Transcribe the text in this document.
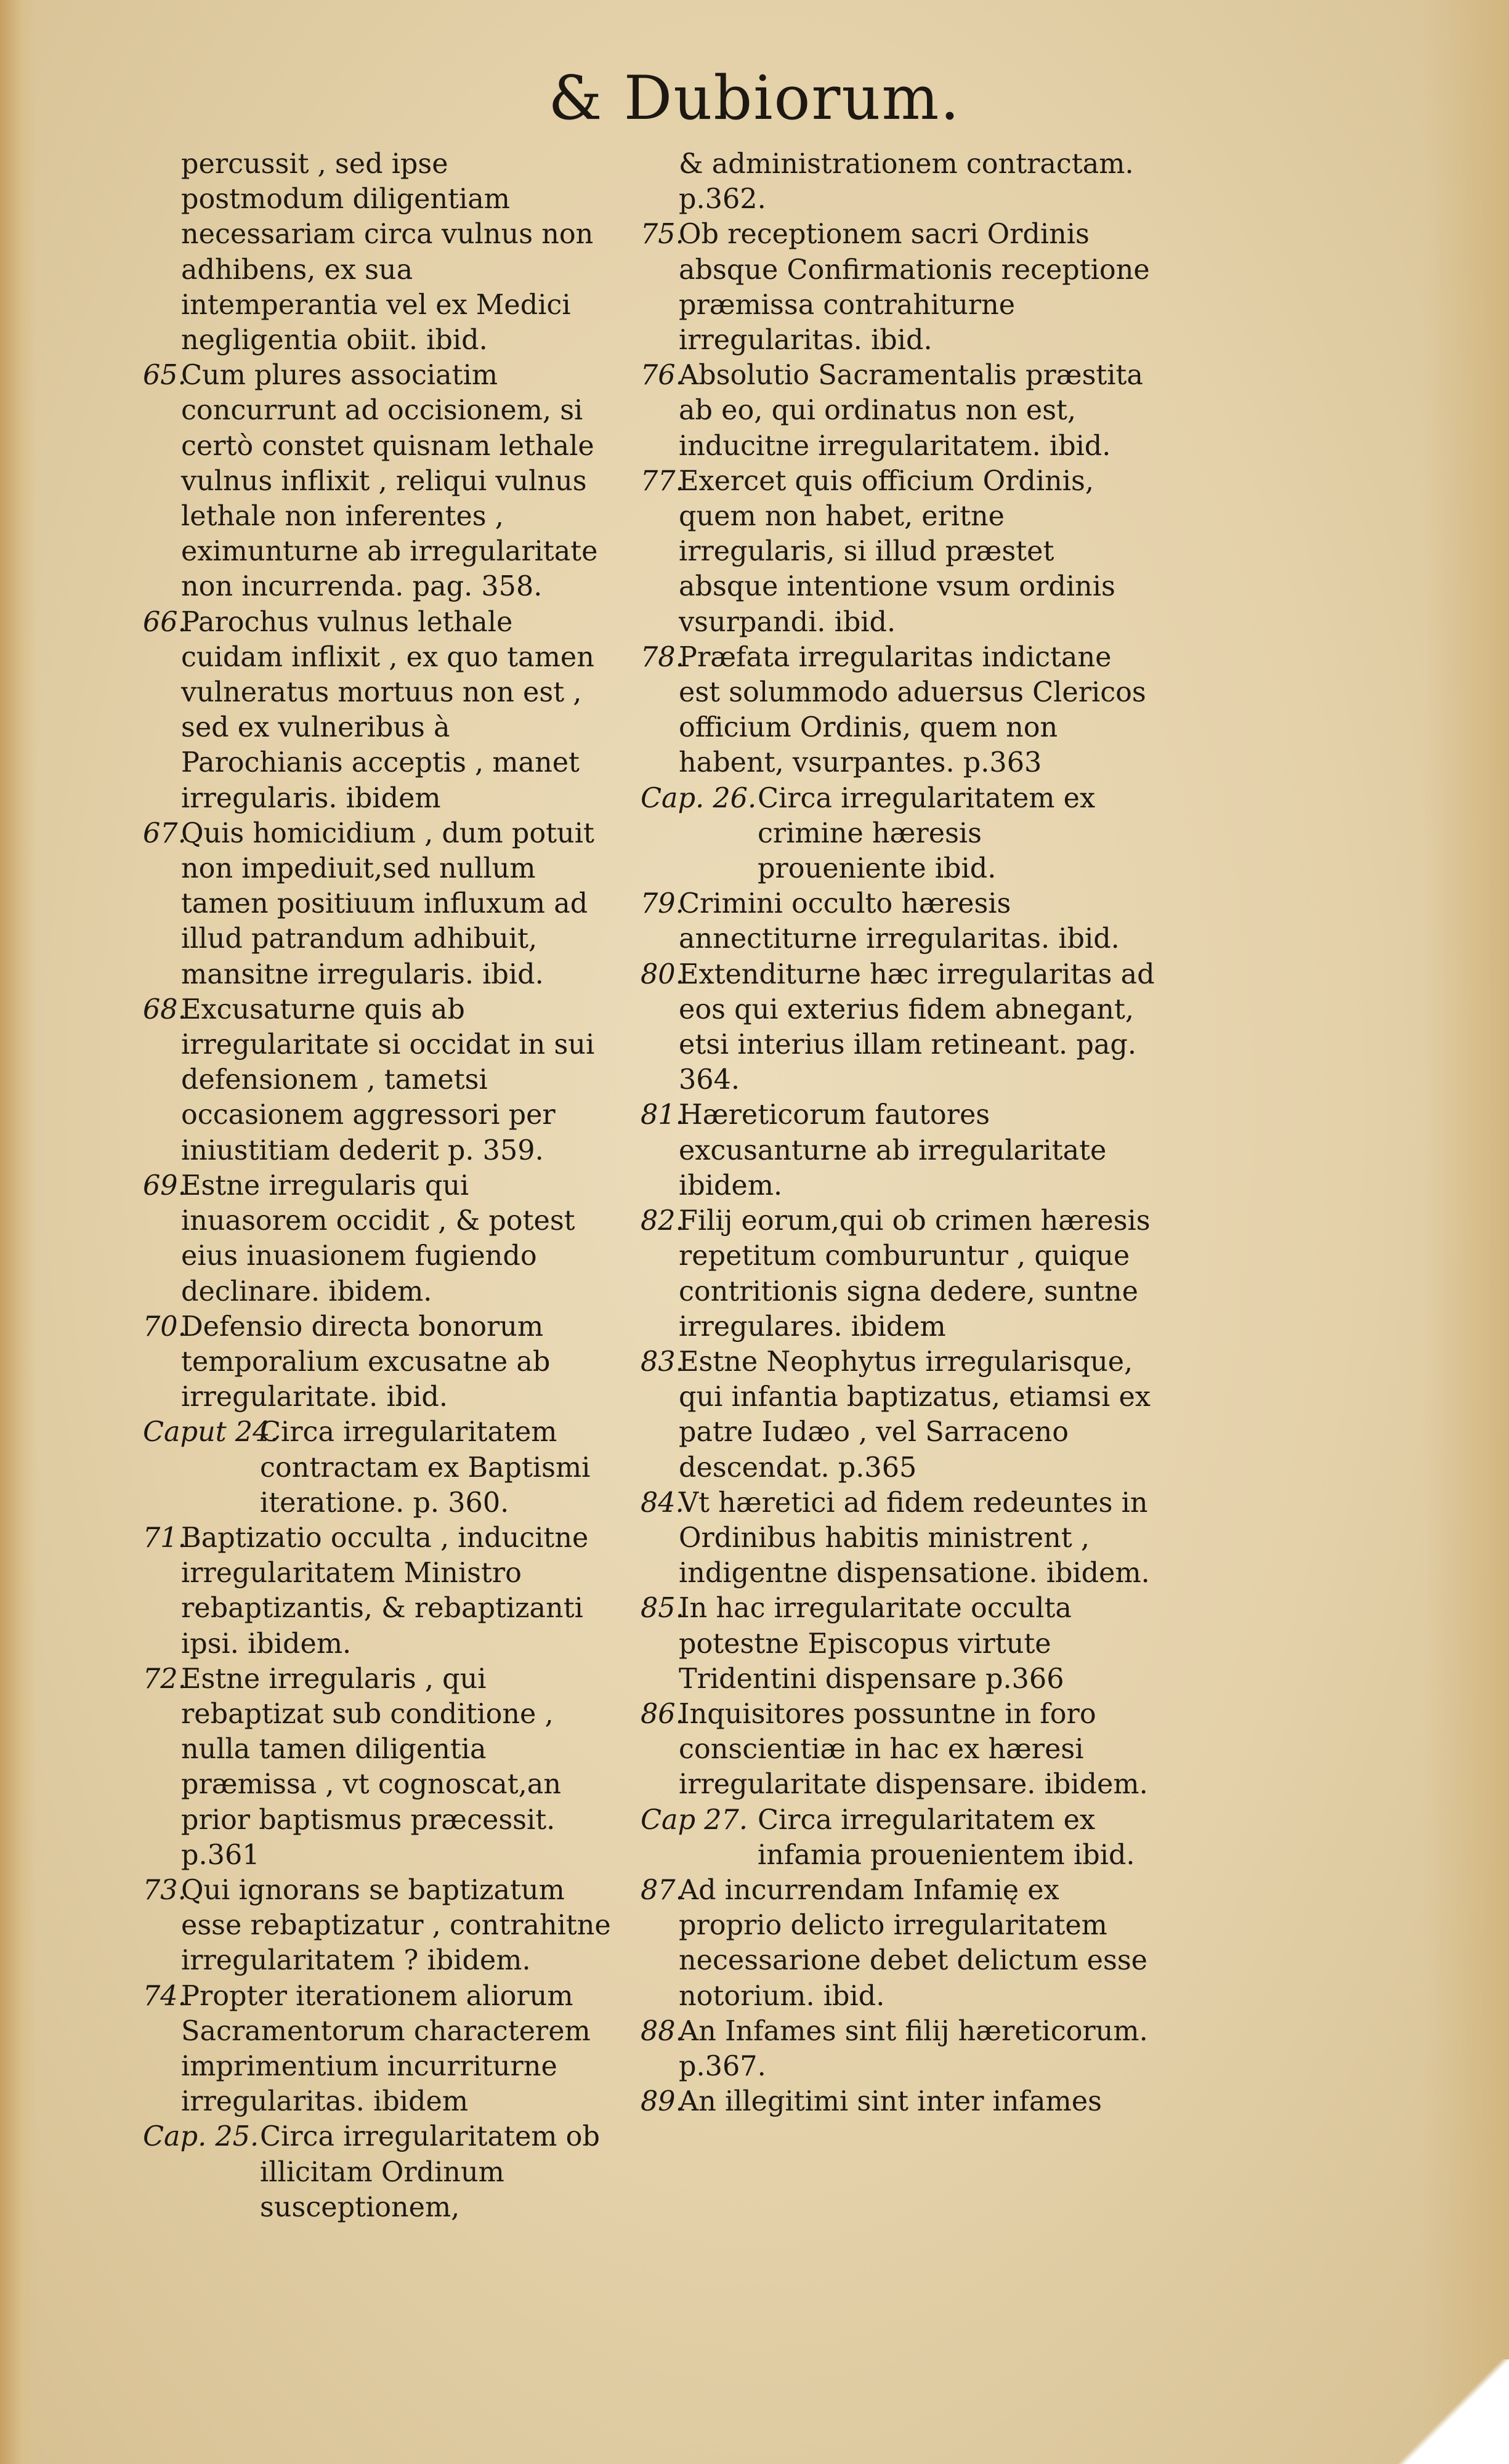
& Dubiorum.
percussit , sed ipse postmodum diligentiam necessariam circa vulnus non adhibens, ex sua intemperantia vel ex Medici negligentia obiit. ibid.
65.
Cum plures associatim concurrunt ad occisionem, si certò constet quisnam lethale vulnus inflixit , reliqui vulnus lethale non inferentes , eximunturne ab irregularitate non incurrenda. pag. 358.
66.
Parochus vulnus lethale cuidam inflixit , ex quo tamen vulneratus mortuus non est , sed ex vulneribus à Parochianis acceptis , manet irregularis. ibidem
67.
Quis homicidium , dum potuit non impediuit,sed nullum tamen positiuum influxum ad illud patrandum adhibuit, mansitne irregularis. ibid.
68.
Excusaturne quis ab irregularitate si occidat in sui defensionem , tametsi occasionem aggressori per iniustitiam dederit p. 359.
69.
Estne irregularis qui inuasorem occidit , & potest eius inuasionem fugiendo declinare. ibidem.
70.
Defensio directa bonorum temporalium excusatne ab irregularitate. ibid.
Caput 24.
Circa irregularitatem contractam ex Baptismi iteratione. p. 360.
71.
Baptizatio occulta , inducitne irregularitatem Ministro rebaptizantis, & rebaptizanti ipsi. ibidem.
72.
Estne irregularis , qui rebaptizat sub conditione , nulla tamen diligentia præmissa , vt cognoscat,an prior baptismus præcessit. p.361
73.
Qui ignorans se baptizatum esse rebaptizatur , contrahitne irregularitatem ? ibidem.
74.
Propter iterationem aliorum Sacramentorum characterem imprimentium incurriturne irregularitas. ibidem
Cap. 25. Circa irregularitatem ob illicitam Ordinum susceptionem,
& administrationem contractam. p.362.
75.
Ob receptionem sacri Ordinis absque Confirmationis receptione præmissa contrahiturne irregularitas. ibid.
76.
Absolutio Sacramentalis præstita ab eo, qui ordinatus non est, inducitne irregularitatem. ibid.
77.
Exercet quis officium Ordinis, quem non habet, eritne irregularis, si illud præstet absque intentione vsum ordinis vsurpandi. ibid.
78.
Præfata irregularitas indictane est solummodo aduersus Clericos officium Ordinis, quem non habent, vsurpantes. p.363
Cap. 26. Circa irregularitatem ex crimine hæresis proueniente ibid.
79.
Crimini occulto hæresis annectiturne irregularitas. ibid.
80.
Extenditurne hæc irregularitas ad eos qui exterius fidem abnegant, etsi interius illam retineant. pag. 364.
81.
Hæreticorum fautores excusanturne ab irregularitate ibidem.
82.
Filij eorum,qui ob crimen hæresis repetitum comburuntur , quique contritionis signa dedere, suntne irregulares. ibidem
83.
Estne Neophytus irregularisque, qui infantia baptizatus, etiamsi ex patre Iudæo , vel Sarraceno descendat. p.365
84.
Vt hæretici ad fidem redeuntes in Ordinibus habitis ministrent , indigentne dispensatione. ibidem.
85.
In hac irregularitate occulta potestne Episcopus virtute Tridentini dispensare p.366
86.
Inquisitores possuntne in foro conscientiæ in hac ex hæresi irregularitate dispensare. ibidem.
Cap 27. Circa irregularitatem ex infamia prouenientem ibid.
87.
Ad incurrendam Infamię ex proprio delicto irregularitatem necessarione debet delictum esse notorium. ibid.
88.
An Infames sint filij hæreticorum. p.367.
89.
An illegitimi sint inter infames
